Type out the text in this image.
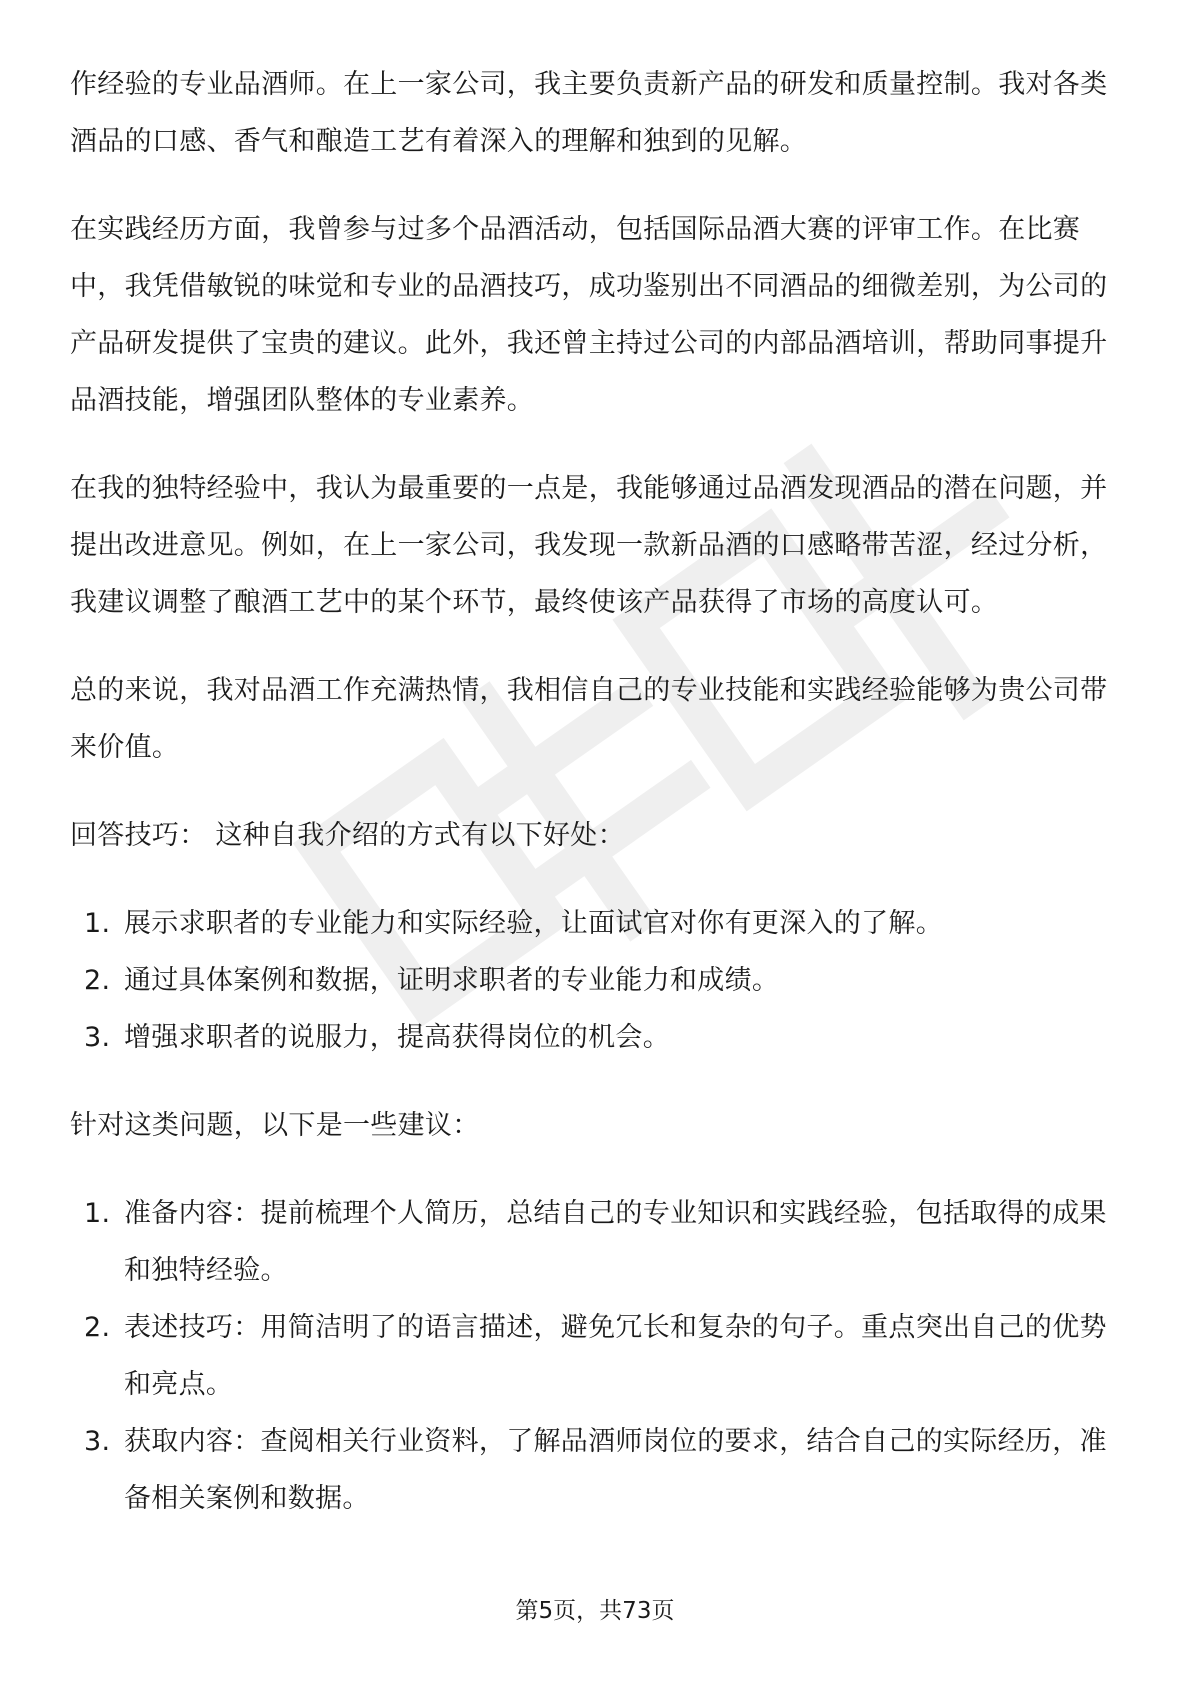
作经验的专业品酒师。在上一家公司，我主要负责新产品的研发和质量控制。我对各类酒品的口感、香气和酿造工艺有着深入的理解和独到的见解。

在实践经历方面，我曾参与过多个品酒活动，包括国际品酒大赛的评审工作。在比赛中，我凭借敏锐的味觉和专业的品酒技巧，成功鉴别出不同酒品的细微差别，为公司的产品研发提供了宝贵的建议。此外，我还曾主持过公司的内部品酒培训，帮助同事提升品酒技能，增强团队整体的专业素养。

在我的独特经验中，我认为最重要的一点是，我能够通过品酒发现酒品的潜在问题，并提出改进意见。例如，在上一家公司，我发现一款新品酒的口感略带苦涩，经过分析，我建议调整了酿酒工艺中的某个环节，最终使该产品获得了市场的高度认可。

总的来说，我对品酒工作充满热情，我相信自己的专业技能和实践经验能够为贵公司带来价值。

回答技巧： 这种自我介绍的方式有以下好处：

1. 展示求职者的专业能力和实际经验，让面试官对你有更深入的了解。
2. 通过具体案例和数据，证明求职者的专业能力和成绩。
3. 增强求职者的说服力，提高获得岗位的机会。

针对这类问题，以下是一些建议：

1. 准备内容：提前梳理个人简历，总结自己的专业知识和实践经验，包括取得的成果和独特经验。
2. 表述技巧：用简洁明了的语言描述，避免冗长和复杂的句子。重点突出自己的优势和亮点。
3. 获取内容：查阅相关行业资料，了解品酒师岗位的要求，结合自己的实际经历，准备相关案例和数据。
第5页，共73页
